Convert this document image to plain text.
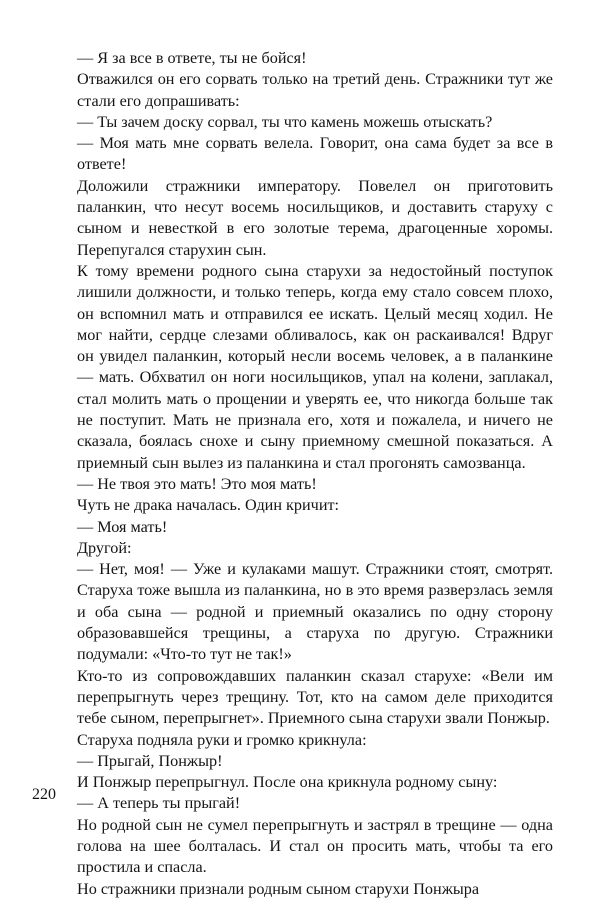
— Я за все в ответе, ты не бойся!

Отважился он его сорвать только на третий день. Стражники тут же стали его допрашивать:

— Ты зачем доску сорвал, ты что камень можешь отыскать?

— Моя мать мне сорвать велела. Говорит, она сама будет за все в ответе!

Доложили стражники императору. Повелел он приготовить паланкин, что несут восемь носильщиков, и доставить старуху с сыном и невесткой в его золотые терема, драгоценные хоромы. Перепугался старухин сын.

К тому времени родного сына старухи за недостойный поступок лишили должности, и только теперь, когда ему стало совсем плохо, он вспомнил мать и отправился ее искать. Целый месяц ходил. Не мог найти, сердце слезами обливалось, как он раскаивался! Вдруг он увидел паланкин, который несли восемь человек, а в паланкине — мать. Обхватил он ноги носильщиков, упал на колени, заплакал, стал молить мать о прощении и уверять ее, что никогда больше так не поступит. Мать не признала его, хотя и пожалела, и ничего не сказала, боялась снохе и сыну приемному смешной показаться. А приемный сын вылез из паланкина и стал прогонять самозванца.

— Не твоя это мать! Это моя мать!

Чуть не драка началась. Один кричит:

— Моя мать!

Другой:

— Нет, моя! — Уже и кулаками машут. Стражники стоят, смотрят. Старуха тоже вышла из паланкина, но в это время разверзлась земля и оба сына — родной и приемный оказались по одну сторону образовавшейся трещины, а старуха по другую. Стражники подумали: «Что-то тут не так!»

Кто-то из сопровождавших паланкин сказал старухе: «Вели им перепрыгнуть через трещину. Тот, кто на самом деле приходится тебе сыном, перепрыгнет». Приемного сына старухи звали Понжыр.

Старуха подняла руки и громко крикнула:

— Прыгай, Понжыр!

И Понжыр перепрыгнул. После она крикнула родному сыну:

— А теперь ты прыгай!

Но родной сын не сумел перепрыгнуть и застрял в трещине — одна голова на шее болталась. И стал он просить мать, чтобы та его простила и спасла.

Но стражники признали родным сыном старухи Понжыра

220
